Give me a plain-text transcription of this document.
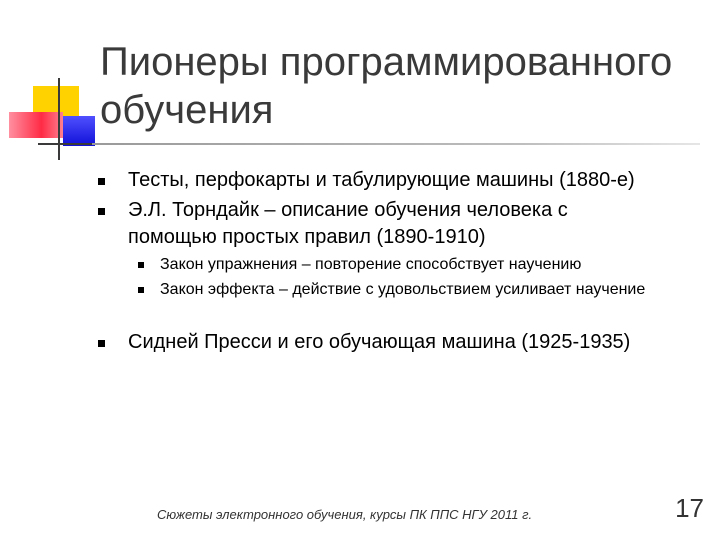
Пионеры программированного обучения
Тесты, перфокарты и табулирующие машины (1880-е)
Э.Л. Торндайк – описание обучения человека с помощью простых правил (1890-1910)
Закон упражнения – повторение способствует научению
Закон эффекта – действие с удовольствием усиливает научение
Сидней Пресси и его обучающая машина (1925-1935)
Сюжеты электронного обучения, курсы ПК ППС НГУ 2011 г.	17
